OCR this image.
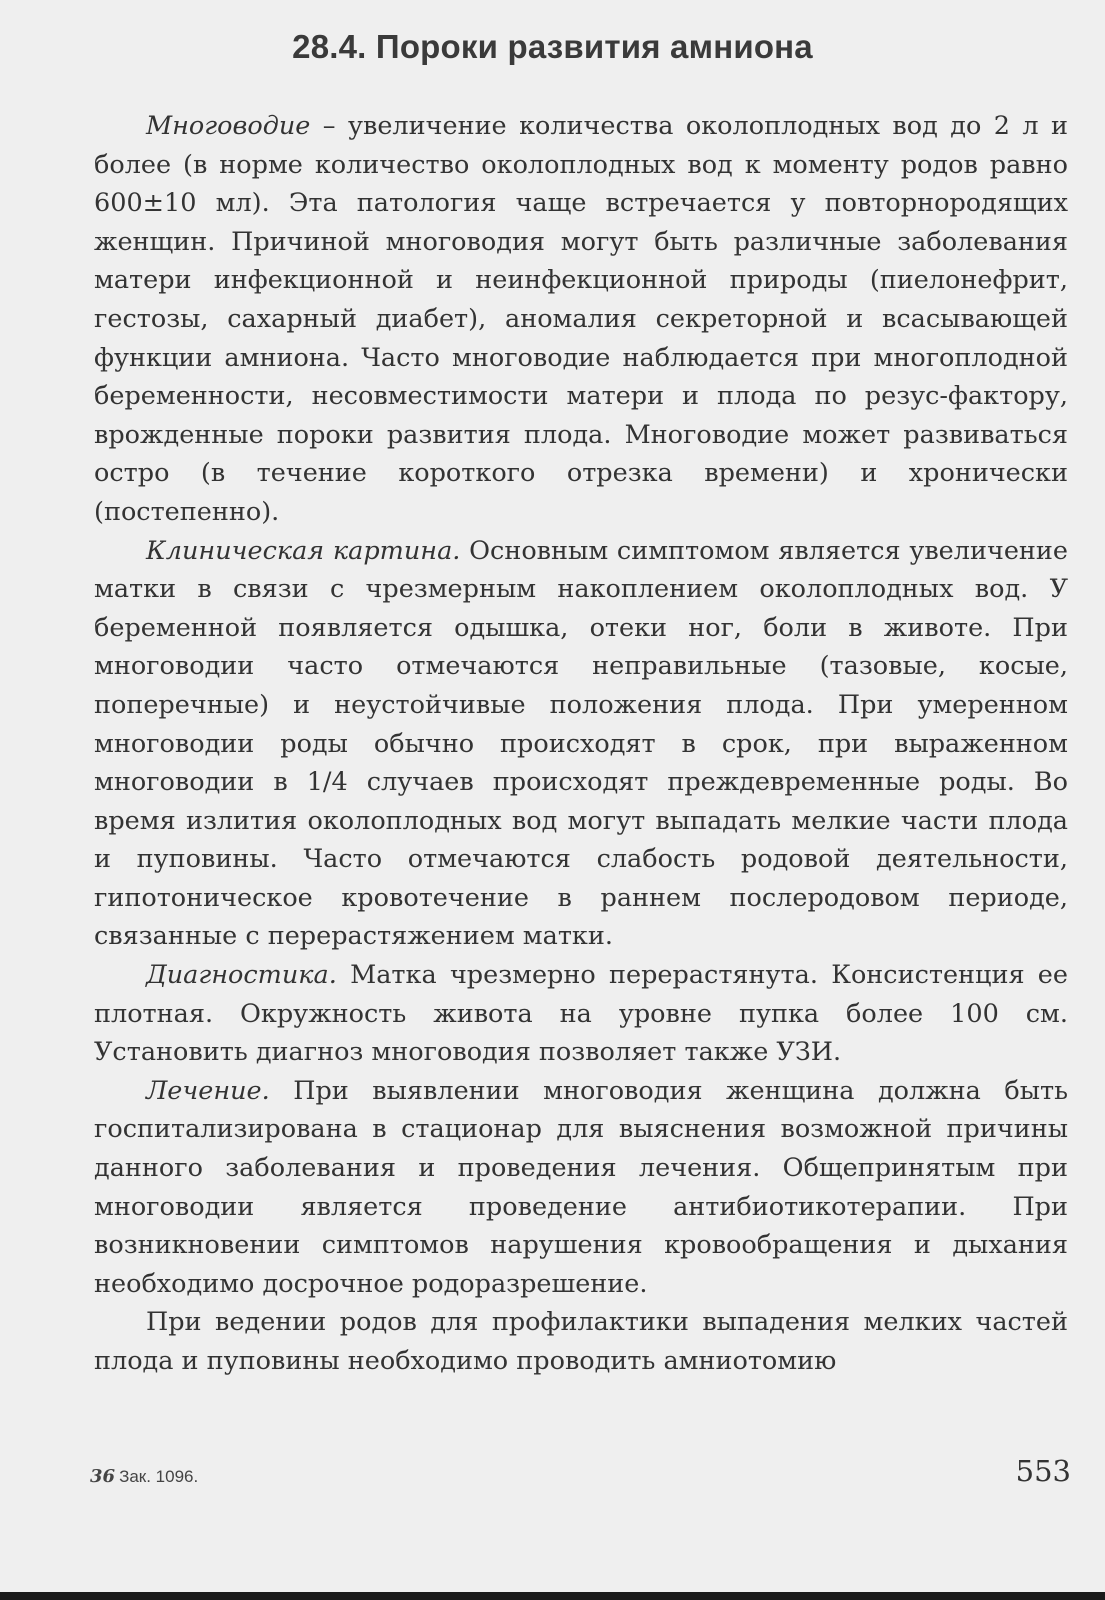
28.4. Пороки развития амниона

Многоводие – увеличение количества околоплодных вод до 2 л и более (в норме количество околоплодных вод к моменту родов равно 600±10 мл). Эта патология чаще встречается у повторнородящих женщин. Причиной многоводия могут быть различные заболевания матери инфекционной и неинфекционной природы (пиелонефрит, гестозы, сахарный диабет), аномалия секреторной и всасывающей функции амниона. Часто многоводие наблюдается при многоплодной беременности, несовместимости матери и плода по резус-фактору, врожденные пороки развития плода. Многоводие может развиваться остро (в течение короткого отрезка времени) и хронически (постепенно).

Клиническая картина. Основным симптомом является увеличение матки в связи с чрезмерным накоплением околоплодных вод. У беременной появляется одышка, отеки ног, боли в животе. При многоводии часто отмечаются неправильные (тазовые, косые, поперечные) и неустойчивые положения плода. При умеренном многоводии роды обычно происходят в срок, при выраженном многоводии в 1/4 случаев происходят преждевременные роды. Во время излития околоплодных вод могут выпадать мелкие части плода и пуповины. Часто отмечаются слабость родовой деятельности, гипотоническое кровотечение в раннем послеродовом периоде, связанные с перерастяжением матки.

Диагностика. Матка чрезмерно перерастянута. Консистенция ее плотная. Окружность живота на уровне пупка более 100 см. Установить диагноз многоводия позволяет также УЗИ.

Лечение. При выявлении многоводия женщина должна быть госпитализирована в стационар для выяснения возможной причины данного заболевания и проведения лечения. Общепринятым при многоводии является проведение антибиотикотерапии. При возникновении симптомов нарушения кровообращения и дыхания необходимо досрочное родоразрешение.

При ведении родов для профилактики выпадения мелких частей плода и пуповины необходимо проводить амниотомию

36 Зак. 1096.	553
